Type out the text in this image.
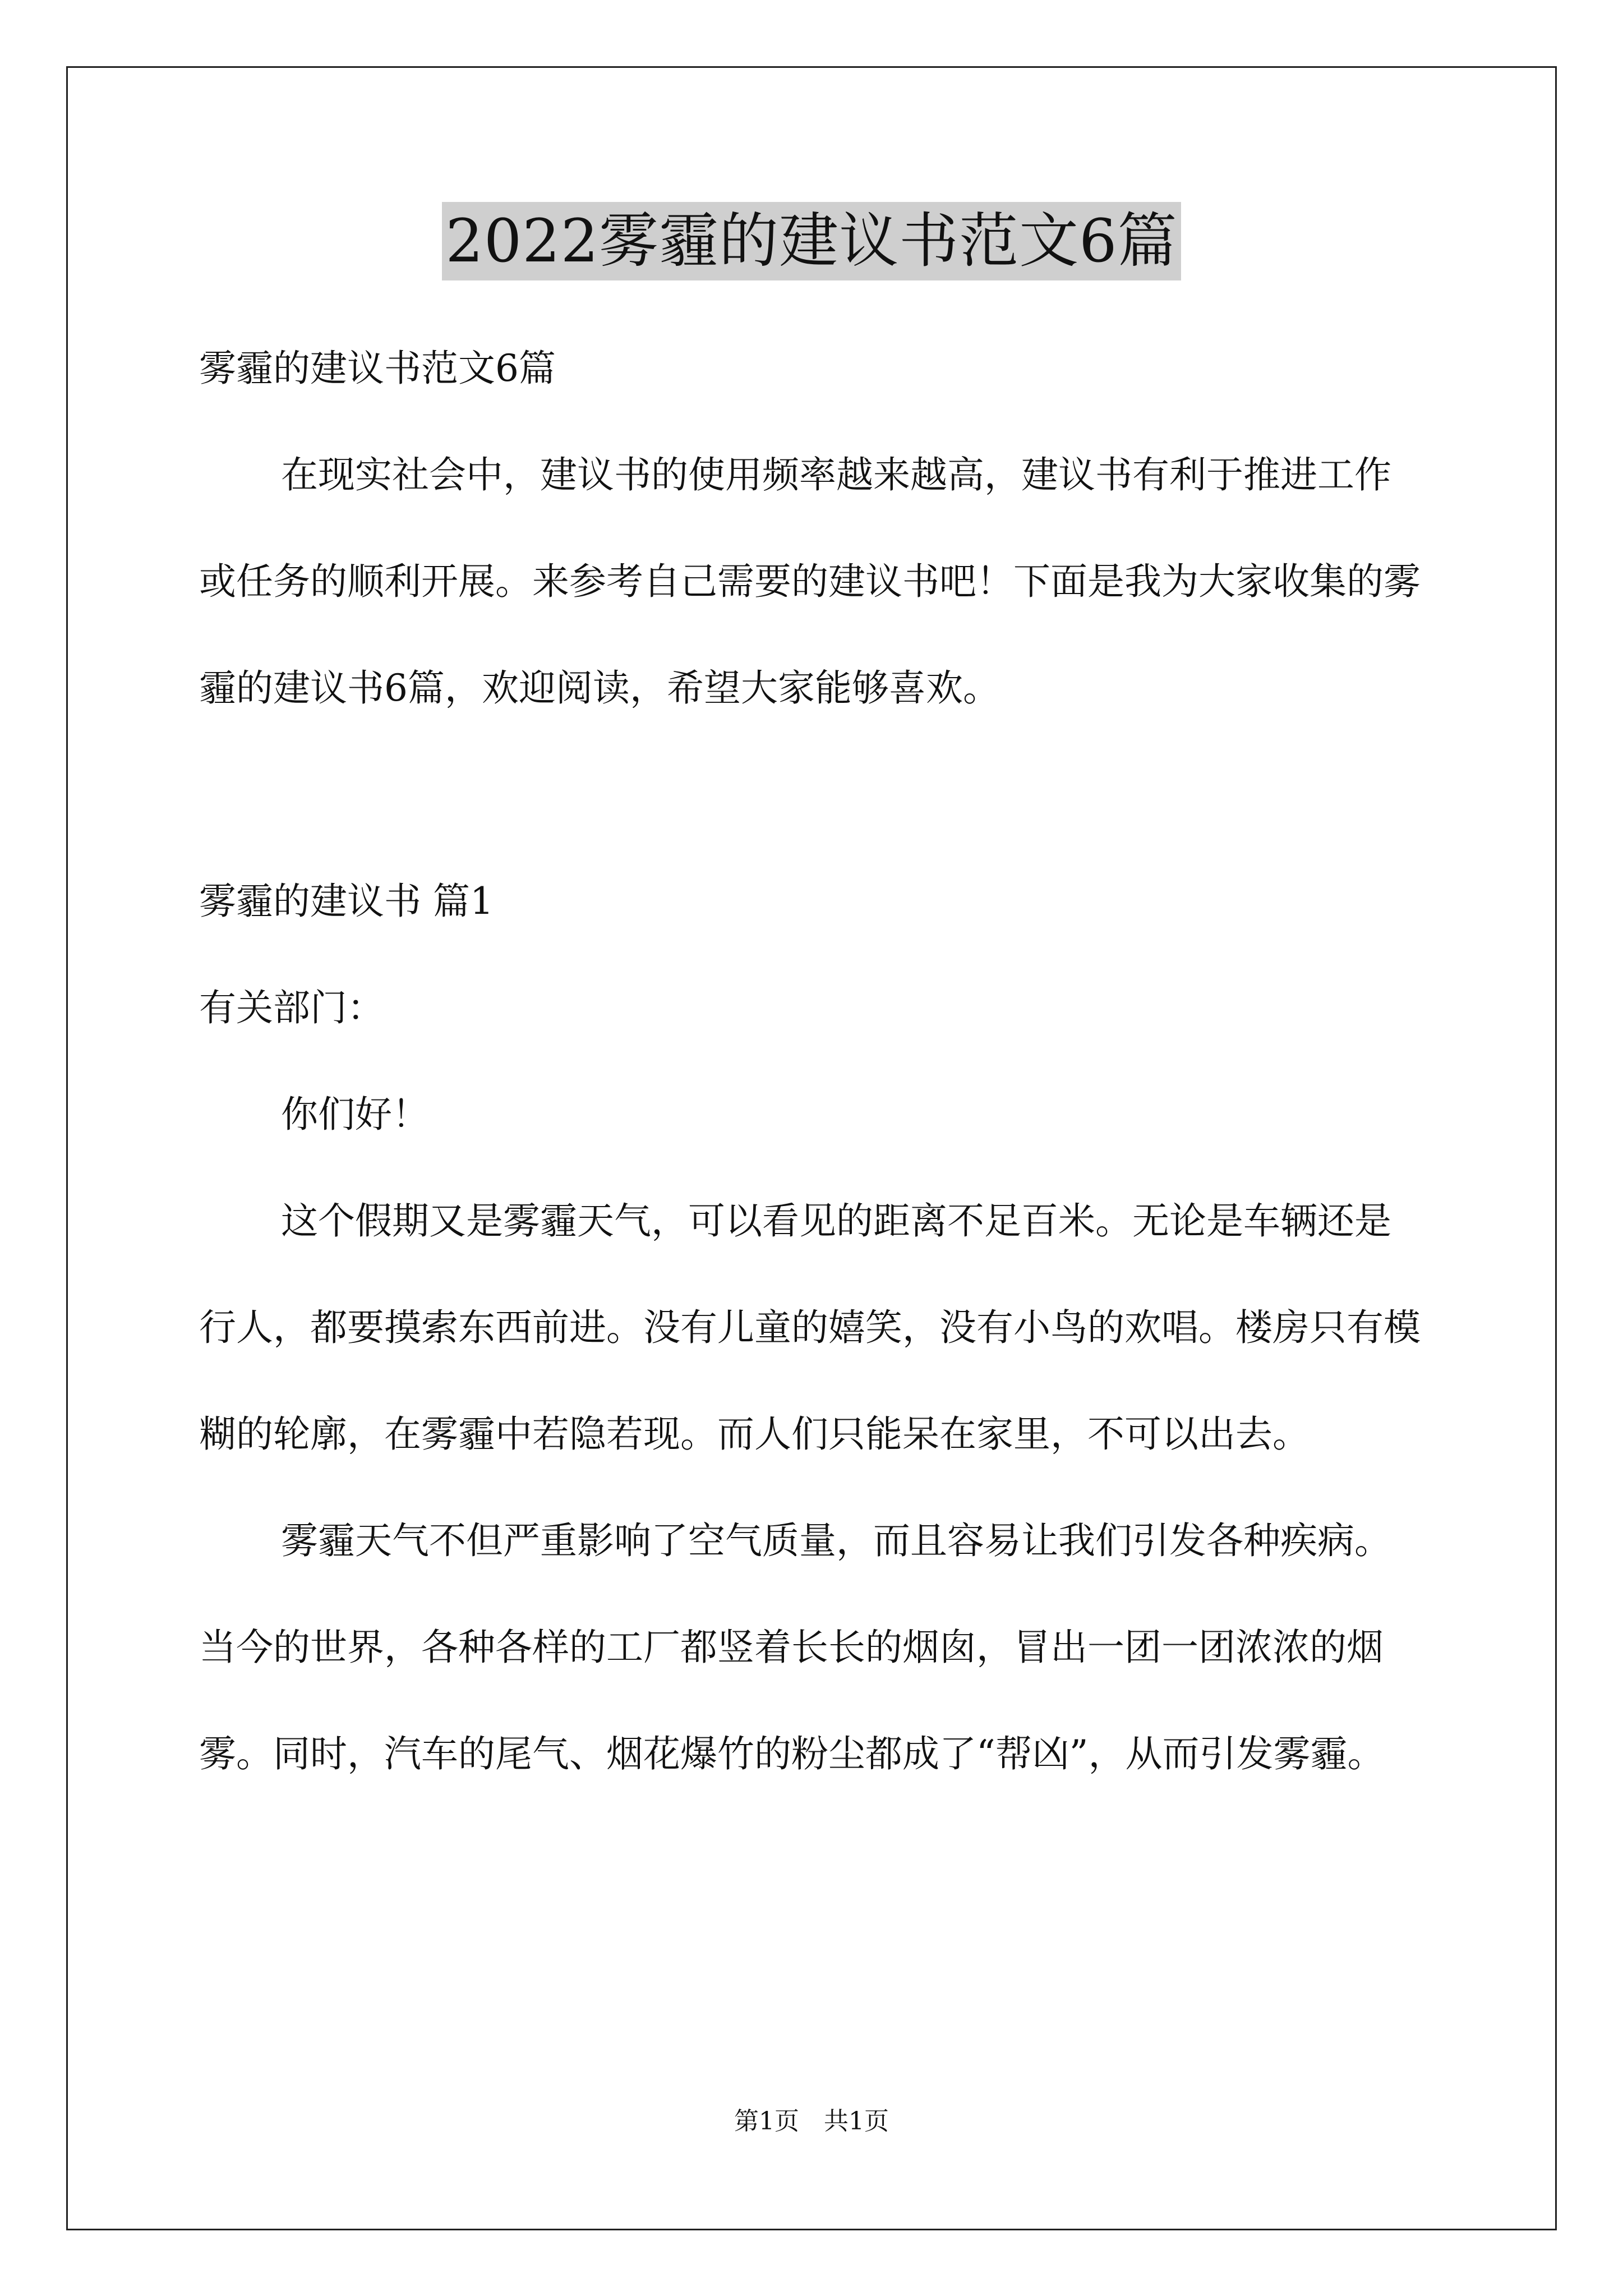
2022雾霾的建议书范文6篇

雾霾的建议书范文6篇

在现实社会中，建议书的使用频率越来越高，建议书有利于推进工作或任务的顺利开展。来参考自己需要的建议书吧！下面是我为大家收集的雾霾的建议书6篇，欢迎阅读，希望大家能够喜欢。

雾霾的建议书 篇1

有关部门：

你们好！

这个假期又是雾霾天气，可以看见的距离不足百米。无论是车辆还是行人，都要摸索东西前进。没有儿童的嬉笑，没有小鸟的欢唱。楼房只有模糊的轮廓，在雾霾中若隐若现。而人们只能呆在家里，不可以出去。

雾霾天气不但严重影响了空气质量，而且容易让我们引发各种疾病。当今的世界，各种各样的工厂都竖着长长的烟囱，冒出一团一团浓浓的烟雾。同时，汽车的尾气、烟花爆竹的粉尘都成了“帮凶”，从而引发雾霾。

第1页　共1页
